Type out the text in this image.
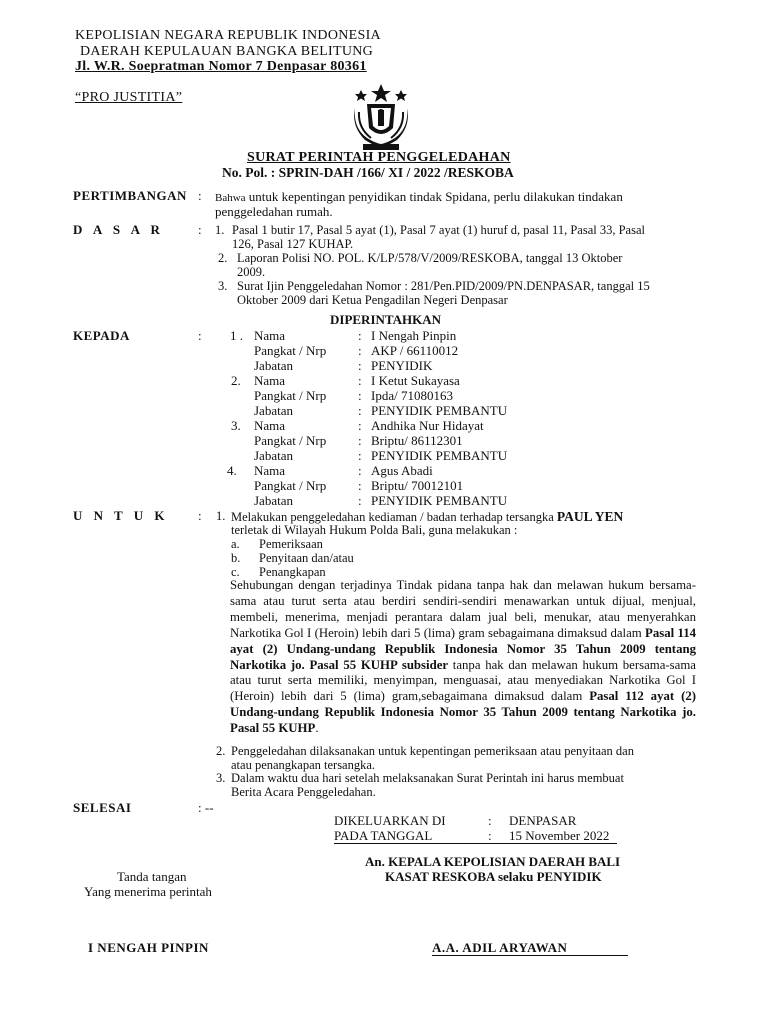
KEPOLISIAN NEGARA REPUBLIK INDONESIA
DAERAH KEPULAUAN BANGKA BELITUNG
Jl. W.R. Soepratman Nomor 7 Denpasar 80361
“PRO JUSTITIA”
SURAT PERINTAH PENGGELEDAHAN
No. Pol. : SPRIN-DAH /166/ XI / 2022 /RESKOBA
PERTIMBANGAN : Bahwa untuk kepentingan penyidikan tindak Spidana, perlu dilakukan tindakan
penggeledahan rumah.
D A S A R	: 1. Pasal 1 butir 17, Pasal 5 ayat (1), Pasal 7 ayat (1) huruf d, pasal 11, Pasal 33, Pasal
126, Pasal 127 KUHAP.
2. Laporan Polisi NO. POL. K/LP/578/V/2009/RESKOBA, tanggal 13 Oktober
2009.
3. Surat Ijin Penggeledahan Nomor : 281/Pen.PID/2009/PN.DENPASAR, tanggal 15
Oktober 2009 dari Ketua Pengadilan Negeri Denpasar
DIPERINTAHKAN
KEPADA	: 1 . Nama	: I Nengah Pinpin
Pangkat / Nrp : AKP / 66110012
Jabatan	: PENYIDIK
2. Nama	: I Ketut Sukayasa
Pangkat / Nrp : Ipda/ 71080163
Jabatan	: PENYIDIK PEMBANTU
3. Nama	: Andhika Nur Hidayat
Pangkat / Nrp : Briptu/ 86112301
Jabatan	: PENYIDIK PEMBANTU
4. Nama	: Agus Abadi
Pangkat / Nrp : Briptu/ 70012101
Jabatan	: PENYIDIK PEMBANTU
U N T U K : 1. Melakukan penggeledahan kediaman / badan terhadap tersangka PAUL YEN
terletak di Wilayah Hukum Polda Bali, guna melakukan :
a. Pemeriksaan
b. Penyitaan dan/atau
c. Penangkapan
Sehubungan dengan terjadinya Tindak pidana tanpa hak dan melawan hukum bersama-sama atau turut serta atau berdiri sendiri-sendiri menawarkan untuk dijual, menjual, membeli, menerima, menjadi perantara dalam jual beli, menukar, atau menyerahkan Narkotika Gol I (Heroin) lebih dari 5 (lima) gram sebagaimana dimaksud dalam Pasal 114 ayat (2) Undang-undang Republik Indonesia Nomor 35 Tahun 2009 tentang Narkotika jo. Pasal 55 KUHP subsider tanpa hak dan melawan hukum bersama-sama atau turut serta memiliki, menyimpan, menguasai, atau menyediakan Narkotika Gol I (Heroin) lebih dari 5 (lima) gram,sebagaimana dimaksud dalam Pasal 112 ayat (2) Undang-undang Republik Indonesia Nomor 35 Tahun 2009 tentang Narkotika jo. Pasal 55 KUHP.
2. Penggeledahan dilaksanakan untuk kepentingan pemeriksaan atau penyitaan dan
atau penangkapan tersangka.
3. Dalam waktu dua hari setelah melaksanakan Surat Perintah ini harus membuat
Berita Acara Penggeledahan.
SELESAI	: --
DIKELUARKAN DI	: DENPASAR
PADA TANGGAL	: 15 November 2022
An. KEPALA KEPOLISIAN DAERAH BALI
KASAT RESKOBA selaku PENYIDIK
Tanda tangan
Yang menerima perintah
I NENGAH PINPIN	A.A. ADIL ARYAWAN
